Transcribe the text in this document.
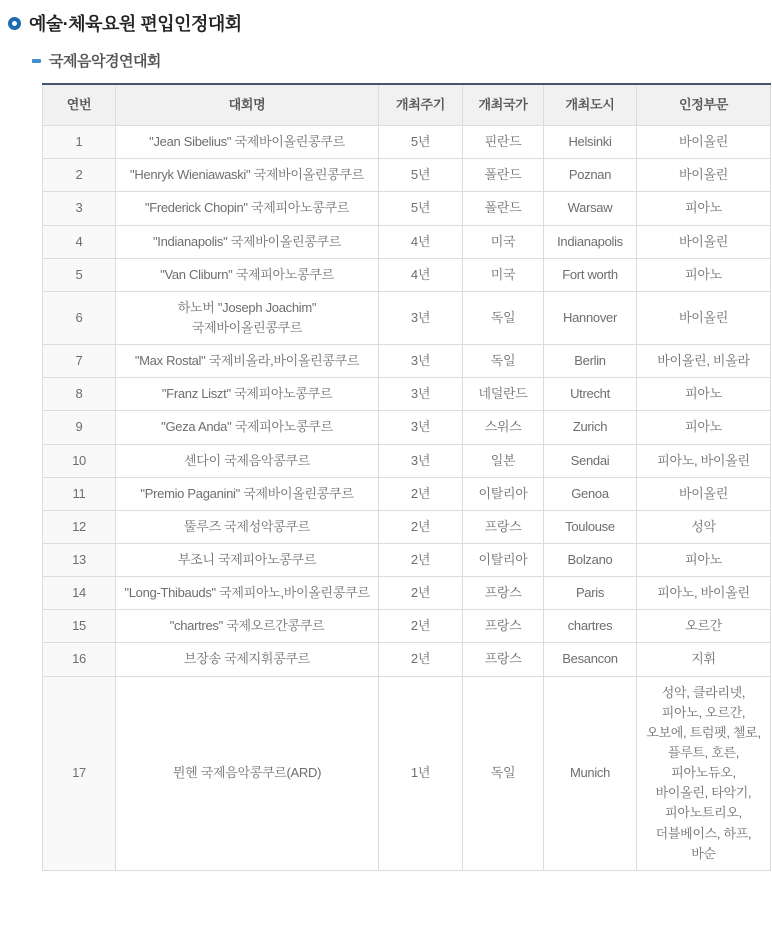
예술·체육요원 편입인정대회
국제음악경연대회
연번	대회명	개최주기	개최국가	개최도시	인정부문
1	"Jean Sibelius" 국제바이올린콩쿠르	5년	핀란드	Helsinki	바이올린
2	"Henryk Wieniawaski" 국제바이올린콩쿠르	5년	폴란드	Poznan	바이올린
3	"Frederick Chopin" 국제피아노콩쿠르	5년	폴란드	Warsaw	피아노
4	"Indianapolis" 국제바이올린콩쿠르	4년	미국	Indianapolis	바이올린
5	"Van Cliburn" 국제피아노콩쿠르	4년	미국	Fort worth	피아노
6	하노버 "Joseph Joachim" 국제바이올린콩쿠르	3년	독일	Hannover	바이올린
7	"Max Rostal" 국제비올라,바이올린콩쿠르	3년	독일	Berlin	바이올린, 비올라
8	"Franz Liszt" 국제피아노콩쿠르	3년	네덜란드	Utrecht	피아노
9	"Geza Anda" 국제피아노콩쿠르	3년	스위스	Zurich	피아노
10	센다이 국제음악콩쿠르	3년	일본	Sendai	피아노, 바이올린
11	"Premio Paganini" 국제바이올린콩쿠르	2년	이탈리아	Genoa	바이올린
12	뚤루즈 국제성악콩쿠르	2년	프랑스	Toulouse	성악
13	부조니 국제피아노콩쿠르	2년	이탈리아	Bolzano	피아노
14	"Long-Thibauds" 국제피아노,바이올린콩쿠르	2년	프랑스	Paris	피아노, 바이올린
15	"chartres" 국제오르간콩쿠르	2년	프랑스	chartres	오르간
16	브장송 국제지휘콩쿠르	2년	프랑스	Besancon	지휘
17	뮌헨 국제음악콩쿠르(ARD)	1년	독일	Munich	성악, 클라리넷, 피아노, 오르간, 오보에, 트럼펫, 첼로, 플루트, 호른, 피아노듀오, 바이올린, 타악기, 피아노트리오, 더블베이스, 하프, 바순
